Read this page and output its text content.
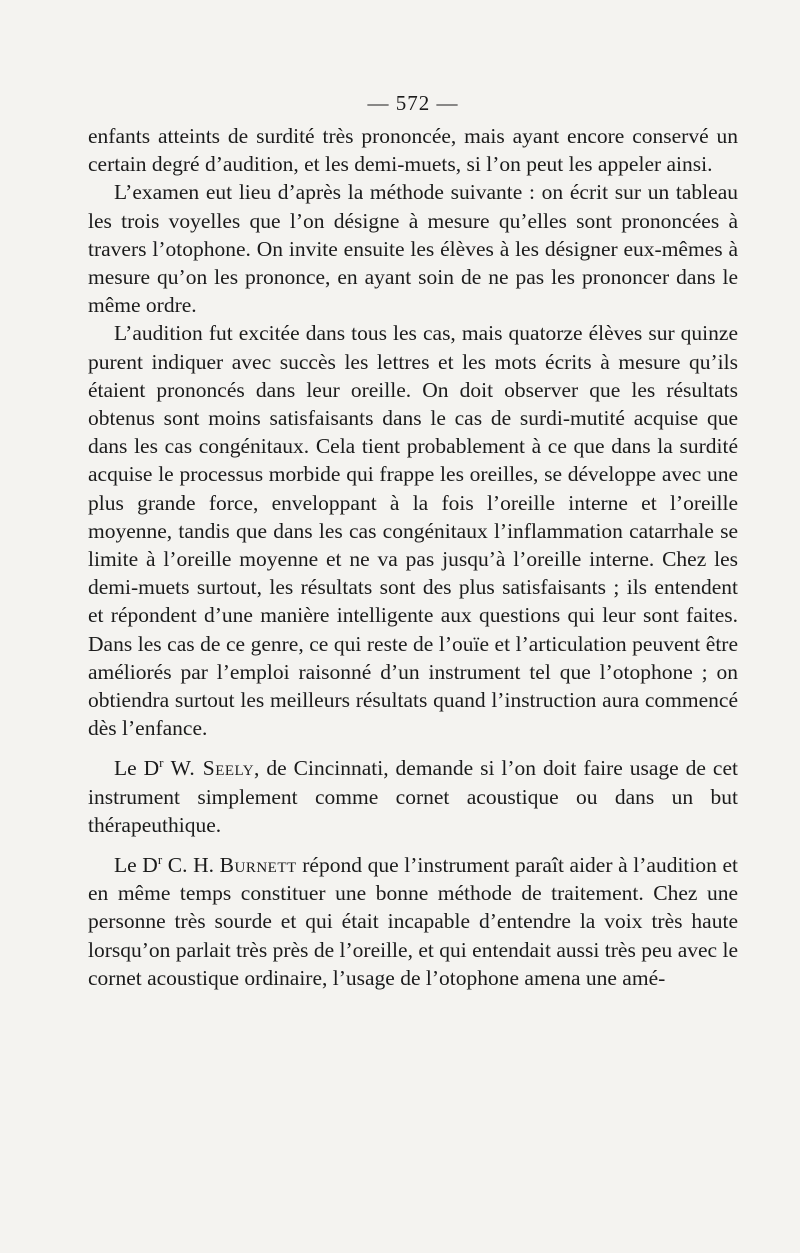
— 572 —

enfants atteints de surdité très prononcée, mais ayant encore conservé un certain degré d’audition, et les demi-muets, si l’on peut les appeler ainsi.

L’examen eut lieu d’après la méthode suivante : on écrit sur un tableau les trois voyelles que l’on désigne à mesure qu’elles sont prononcées à travers l’otophone. On invite ensuite les élèves à les désigner eux-mêmes à mesure qu’on les prononce, en ayant soin de ne pas les prononcer dans le même ordre.

L’audition fut excitée dans tous les cas, mais quatorze élèves sur quinze purent indiquer avec succès les lettres et les mots écrits à mesure qu’ils étaient prononcés dans leur oreille. On doit observer que les résultats obtenus sont moins satisfaisants dans le cas de surdi-mutité acquise que dans les cas congénitaux. Cela tient probablement à ce que dans la surdité acquise le processus morbide qui frappe les oreilles, se développe avec une plus grande force, enveloppant à la fois l’oreille interne et l’oreille moyenne, tandis que dans les cas congénitaux l’inflammation catarrhale se limite à l’oreille moyenne et ne va pas jusqu’à l’oreille interne. Chez les demi-muets surtout, les résultats sont des plus satisfaisants ; ils entendent et répondent d’une manière intelligente aux questions qui leur sont faites. Dans les cas de ce genre, ce qui reste de l’ouïe et l’articulation peuvent être améliorés par l’emploi raisonné d’un instrument tel que l’otophone ; on obtiendra surtout les meilleurs résultats quand l’instruction aura commencé dès l’enfance.

Le $D^r$ W. Seely, de Cincinnati, demande si l’on doit faire usage de cet instrument simplement comme cornet acoustique ou dans un but thérapeuthique.

Le $D^r$ C. H. Burnett répond que l’instrument paraît aider à l’audition et en même temps constituer une bonne méthode de traitement. Chez une personne très sourde et qui était incapable d’entendre la voix très haute lorsqu’on parlait très près de l’oreille, et qui entendait aussi très peu avec le cornet acoustique ordinaire, l’usage de l’otophone amena une amé-
